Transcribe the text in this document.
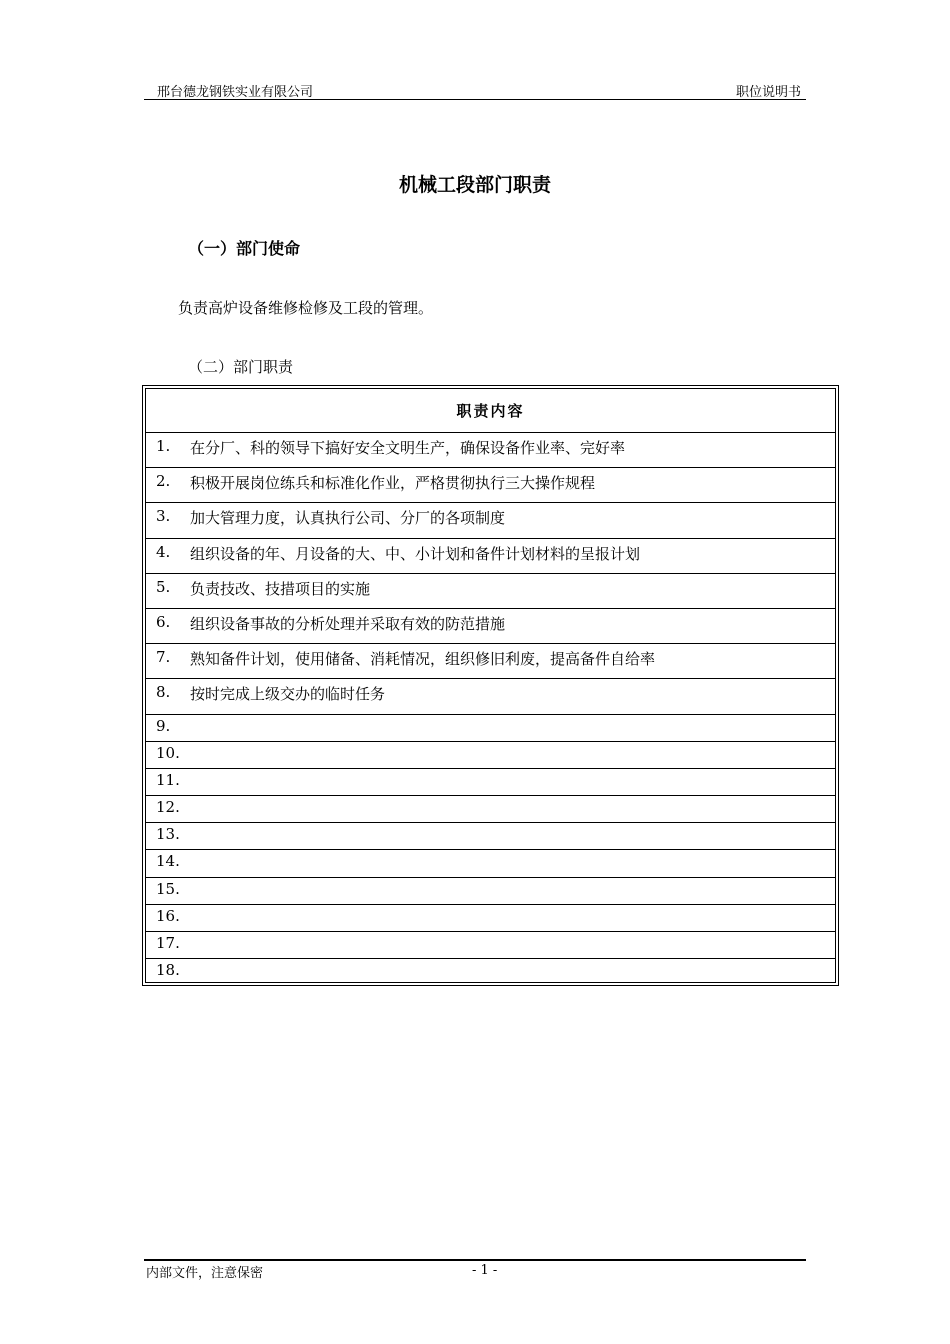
邢台德龙钢铁实业有限公司	职位说明书
机械工段部门职责
（一）部门使命
负责高炉设备维修检修及工段的管理。
（二）部门职责
职责内容
1.	在分厂、科的领导下搞好安全文明生产，确保设备作业率、完好率
2.	积极开展岗位练兵和标准化作业，严格贯彻执行三大操作规程
3.	加大管理力度，认真执行公司、分厂的各项制度
4.	组织设备的年、月设备的大、中、小计划和备件计划材料的呈报计划
5.	负责技改、技措项目的实施
6.	组织设备事故的分析处理并采取有效的防范措施
7.	熟知备件计划，使用储备、消耗情况，组织修旧利废，提高备件自给率
8.	按时完成上级交办的临时任务
9.
10.
11.
12.
13.
14.
15.
16.
17.
18.
内部文件，注意保密	- 1 -
